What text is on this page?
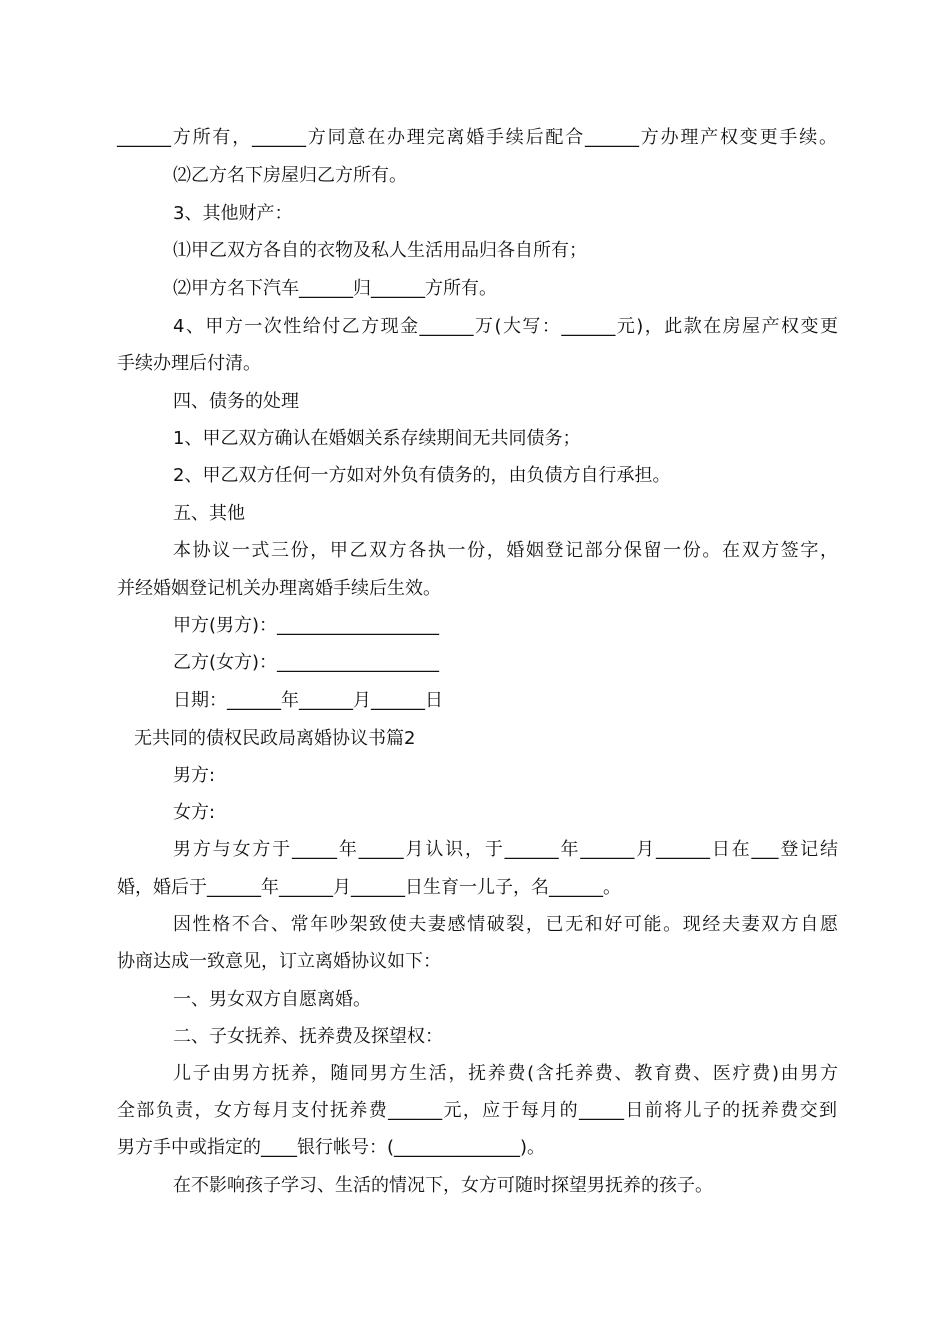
______方所有，______方同意在办理完离婚手续后配合______方办理产权变更手续。
⑵乙方名下房屋归乙方所有。
3、其他财产：
⑴甲乙双方各自的衣物及私人生活用品归各自所有；
⑵甲方名下汽车______归______方所有。
4、甲方一次性给付乙方现金______万(大写：______元)，此款在房屋产权变更
手续办理后付清。
四、债务的处理
1、甲乙双方确认在婚姻关系存续期间无共同债务；
2、甲乙双方任何一方如对外负有债务的，由负债方自行承担。
五、其他
本协议一式三份，甲乙双方各执一份，婚姻登记部分保留一份。在双方签字，
并经婚姻登记机关办理离婚手续后生效。
甲方(男方)：__________________
乙方(女方)：__________________
日期：______年______月______日
无共同的债权民政局离婚协议书篇2
男方:
女方:
男方与女方于_____年_____月认识，于______年______月______日在___登记结
婚，婚后于______年______月______日生育一儿子，名______。
因性格不合、常年吵架致使夫妻感情破裂，已无和好可能。现经夫妻双方自愿
协商达成一致意见，订立离婚协议如下：
一、男女双方自愿离婚。
二、子女抚养、抚养费及探望权：
儿子由男方抚养，随同男方生活，抚养费(含托养费、教育费、医疗费)由男方
全部负责，女方每月支付抚养费______元，应于每月的_____日前将儿子的抚养费交到
男方手中或指定的____银行帐号：(______________)。
在不影响孩子学习、生活的情况下，女方可随时探望男抚养的孩子。
